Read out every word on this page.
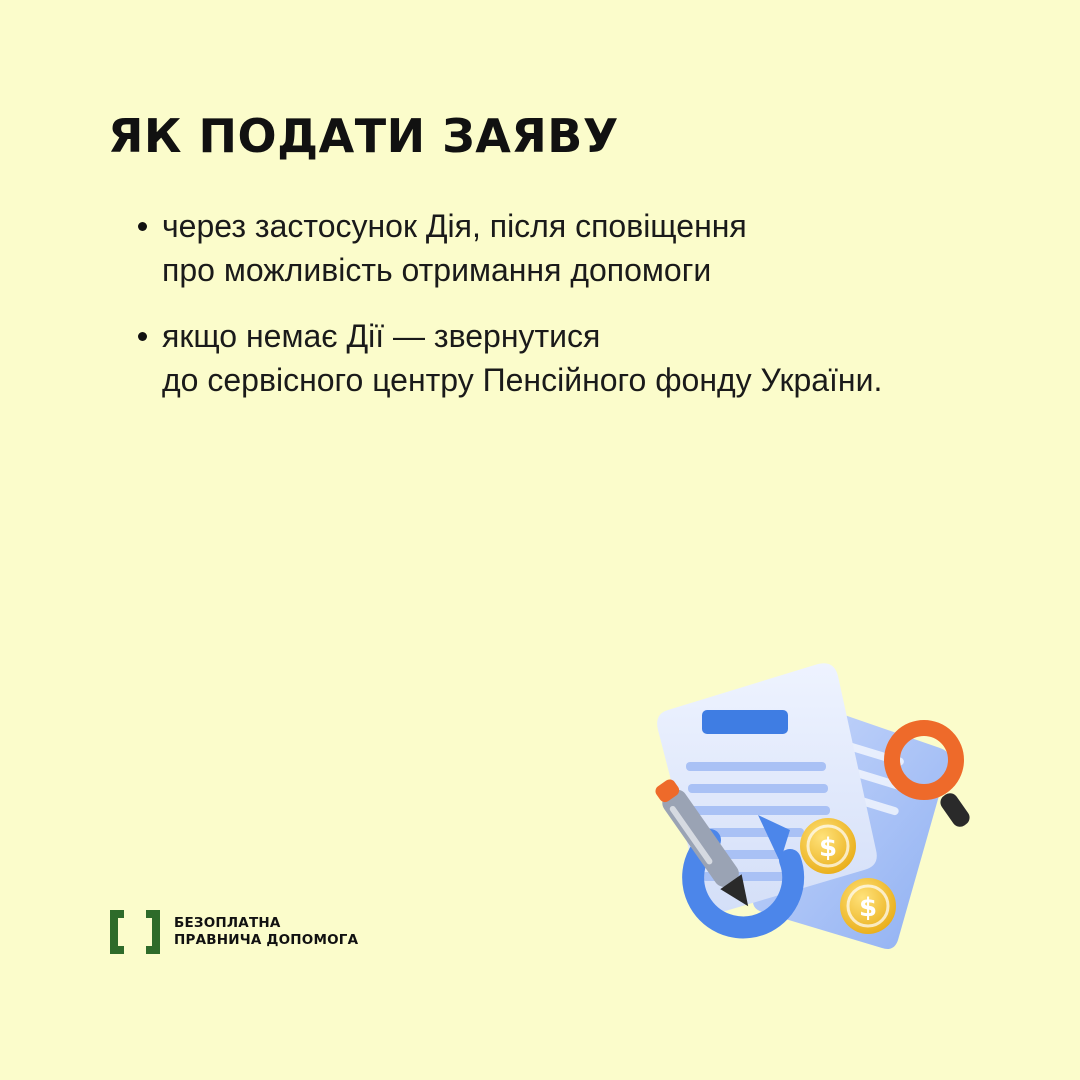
ЯК ПОДАТИ ЗАЯВУ
через застосунок Дія, після сповіщення
про можливість отримання допомоги
якщо немає Дії — звернутися
до сервісного центру Пенсійного фонду України.
БЕЗОПЛАТНА
ПРАВНИЧА ДОПОМОГА
$
$
